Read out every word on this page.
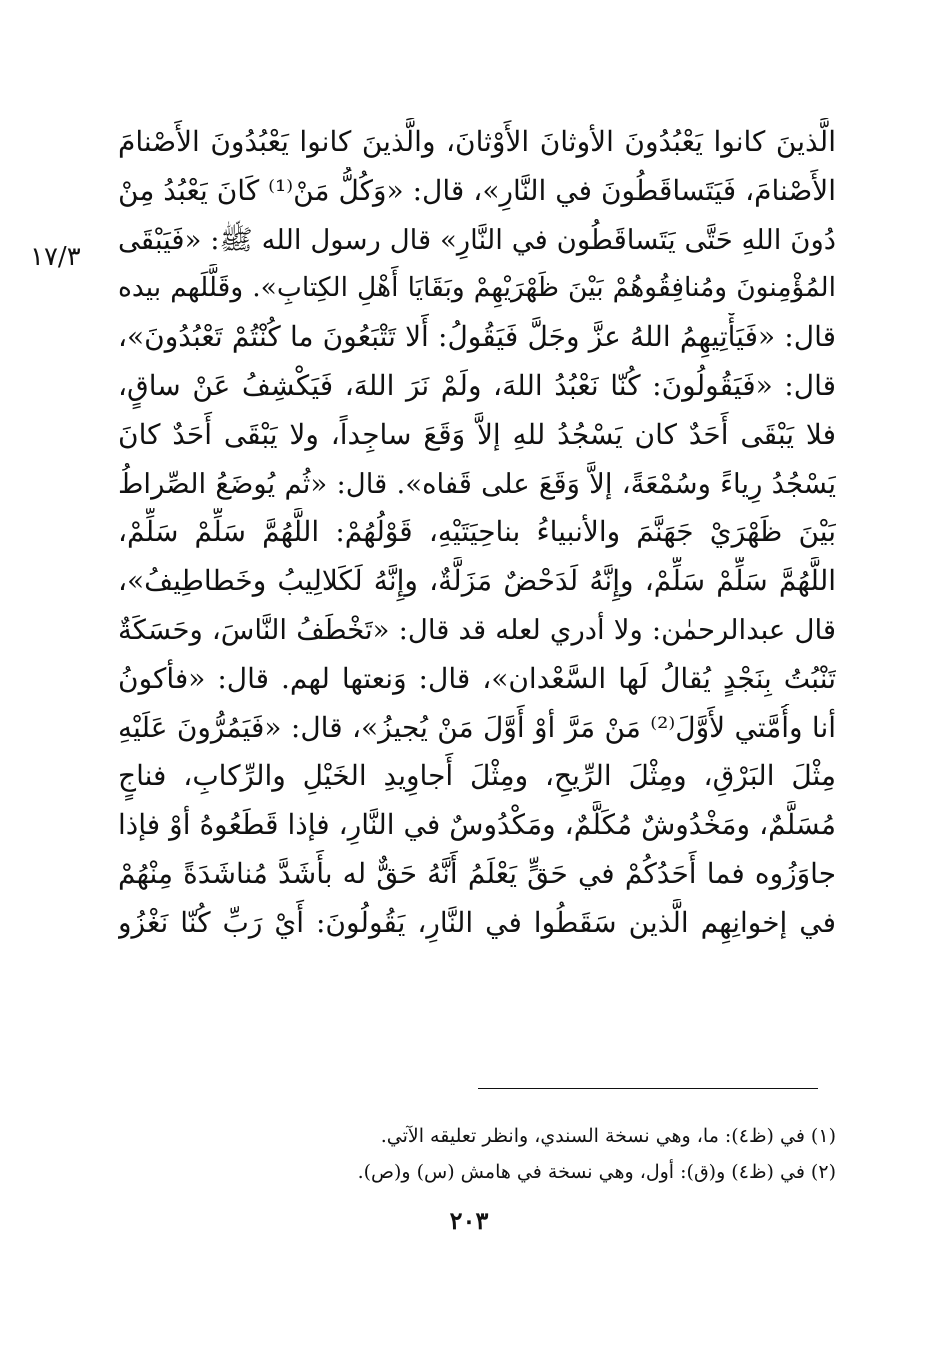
١٧/٣
الَّذينَ كانوا يَعْبُدُونَ الأوثانَ الأَوْثانَ، والَّذينَ كانوا يَعْبُدُونَ الأَصْنامَ
الأَصْنامَ، فَيَتَساقَطُونَ في النَّارِ»، قال: «وَكُلُّ مَنْ⁽¹⁾ كَانَ يَعْبُدُ مِنْ
دُونَ اللهِ حَتَّى يَتَساقَطُون في النَّارِ» قال رسول الله ﷺ: «فَيَبْقَى
المُؤْمِنونَ ومُنافِقُوهُمْ بَيْنَ ظَهْرَيْهِمْ وبَقَايَا أَهْلِ الكِتابِ». وقَلَّلَهم بيده
قال: «فَيَأْتِيهِمُ اللهُ عزَّ وجَلَّ فَيَقُولُ: أَلا تَتْبَعُونَ ما كُنْتُمْ تَعْبُدُونَ»،
قال: «فَيَقُولُونَ: كُنّا نَعْبُدُ اللهَ، ولَمْ نَرَ اللهَ، فَيَكْشِفُ عَنْ ساقٍ،
فلا يَبْقَى أَحَدٌ كان يَسْجُدُ للهِ إلاَّ وَقَعَ ساجِداً، ولا يَبْقَى أَحَدٌ كانَ
يَسْجُدُ رِياءً وسُمْعَةً، إلاَّ وَقَعَ على قَفاه». قال: «ثُم يُوضَعُ الصِّراطُ
بَيْنَ ظَهْرَيْ جَهَنَّمَ والأنبياءُ بناحِيَتَيْهِ، قَوْلُهُمْ: اللَّهُمَّ سَلِّمْ سَلِّمْ،
اللَّهُمَّ سَلِّمْ سَلِّمْ، وإِنَّهُ لَدَحْضٌ مَزَلَّةٌ، وإِنَّهُ لَكَلالِيبُ وخَطاطِيفُ»،
قال عبدالرحمٰن: ولا أدري لعله قد قال: «تَخْطَفُ النَّاسَ، وحَسَكَةٌ
تَنْبُتُ بِنَجْدٍ يُقالُ لَها السَّعْدان»، قال: وَنعتها لهم. قال: «فأكونُ
أنا وأُمَّتي لأَوَّلَ⁽²⁾ مَنْ مَرَّ أوْ أَوَّلَ مَنْ يُجيزُ»، قال: «فَيَمُرُّونَ عَلَيْهِ
مِثْلَ البَرْقِ، ومِثْلَ الرِّيحِ، ومِثْلَ أَجاوِيدِ الخَيْلِ والرِّكابِ، فناجٍ
مُسَلَّمٌ، ومَخْدُوشٌ مُكَلَّمٌ، ومَكْدُوسٌ في النَّارِ، فإذا قَطَعُوهُ أوْ فإذا
جاوَزُوه فما أَحَدُكُمْ في حَقٍّ يَعْلَمُ أَنَّهُ حَقٌّ له بأَشَدَّ مُناشَدَةً مِنْهُمْ
في إخوانِهِم الَّذين سَقَطُوا في النَّارِ، يَقُولُونَ: أَيْ رَبِّ كُنّا نَغْزُو
(١) في (ظ٤): ما، وهي نسخة السندي، وانظر تعليقه الآتي.
(٢) في (ظ٤) و(ق): أول، وهي نسخة في هامش (س) و(ص).
٢٠٣
